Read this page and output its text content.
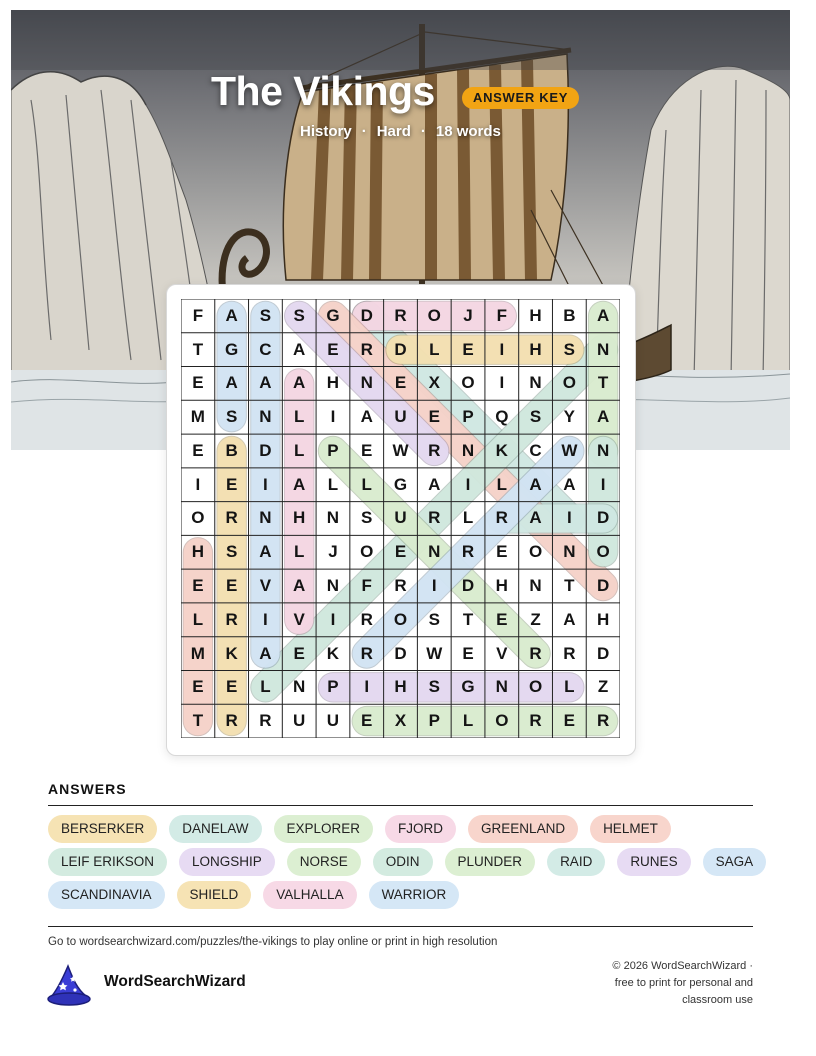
The Vikings	ANSWER KEY
History · Hard · 18 words
F	A	S	S	G	D	R	O	J	F	H	B	A
T	G	C	A	E	R	D	L	E	I	H	S	N
E	A	A	A	H	N	E	X	O	I	N	O	T
M	S	N	L	I	A	U	E	P	Q	S	Y	A
E	B	D	L	P	E	W	R	N	K	C	W	N
I	E	I	A	L	L	G	A	I	L	A	A	I
O	R	N	H	N	S	U	R	L	R	A	I	D
H	S	A	L	J	O	E	N	R	E	O	N	O
E	E	V	A	N	F	R	I	D	H	N	T	D
L	R	I	V	I	R	O	S	T	E	Z	A	H
M	K	A	E	K	R	D	W	E	V	R	R	D
E	E	L	N	P	I	H	S	G	N	O	L	Z
T	R	R	U	U	E	X	P	L	O	R	E	R
ANSWERS
BERSERKER	DANELAW	EXPLORER	FJORD	GREENLAND	HELMET
LEIF ERIKSON	LONGSHIP	NORSE	ODIN	PLUNDER	RAID	RUNES	SAGA
SCANDINAVIA	SHIELD	VALHALLA	WARRIOR
Go to wordsearchwizard.com/puzzles/the-vikings to play online or print in high resolution
WordSearchWizard
© 2026 WordSearchWizard ·
free to print for personal and
classroom use
